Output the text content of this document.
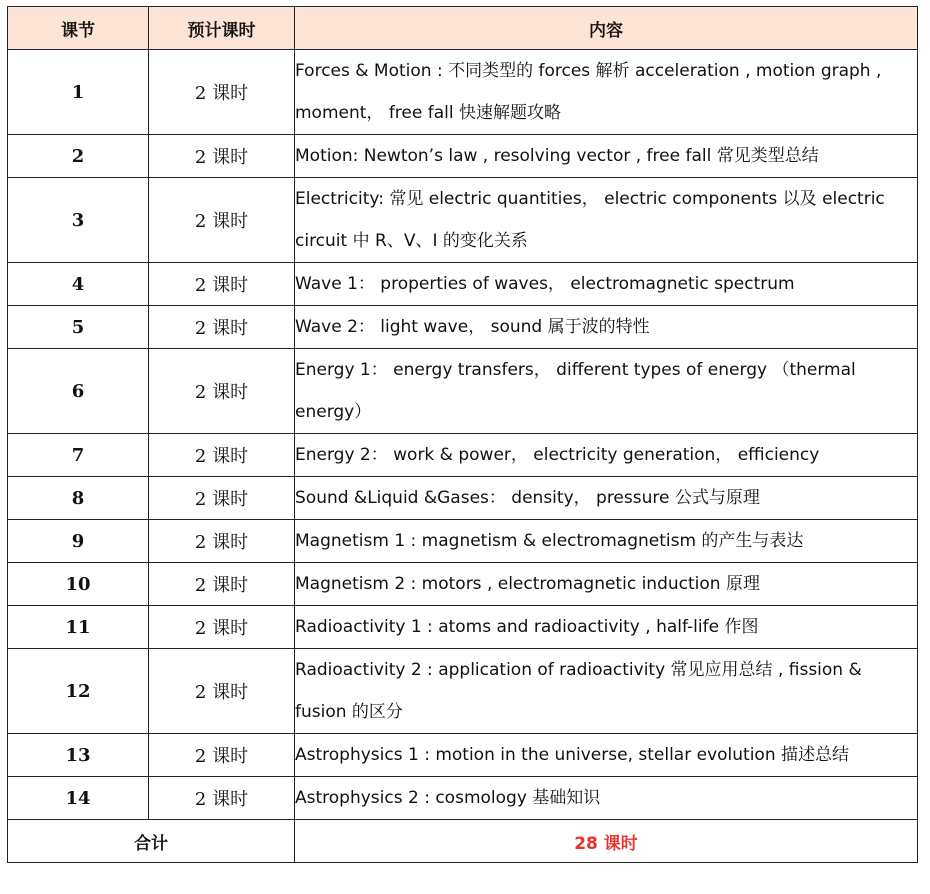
课节	预计课时	内容
1	2 课时	Forces & Motion : 不同类型的 forces 解析 acceleration , motion graph , moment， free fall 快速解题攻略
2	2 课时	Motion: Newton’s law , resolving vector , free fall 常见类型总结
3	2 课时	Electricity: 常见 electric quantities， electric components 以及 electric circuit 中 R、V、I 的变化关系
4	2 课时	Wave 1： properties of waves， electromagnetic spectrum
5	2 课时	Wave 2： light wave， sound 属于波的特性
6	2 课时	Energy 1： energy transfers， different types of energy （thermal energy）
7	2 课时	Energy 2： work & power， electricity generation， efficiency
8	2 课时	Sound &Liquid &Gases： density， pressure 公式与原理
9	2 课时	Magnetism 1 : magnetism & electromagnetism 的产生与表达
10	2 课时	Magnetism 2 : motors , electromagnetic induction 原理
11	2 课时	Radioactivity 1 : atoms and radioactivity , half-life 作图
12	2 课时	Radioactivity 2 : application of radioactivity 常见应用总结 , fission & fusion 的区分
13	2 课时	Astrophysics 1 : motion in the universe, stellar evolution 描述总结
14	2 课时	Astrophysics 2 : cosmology 基础知识
合计		28 课时
